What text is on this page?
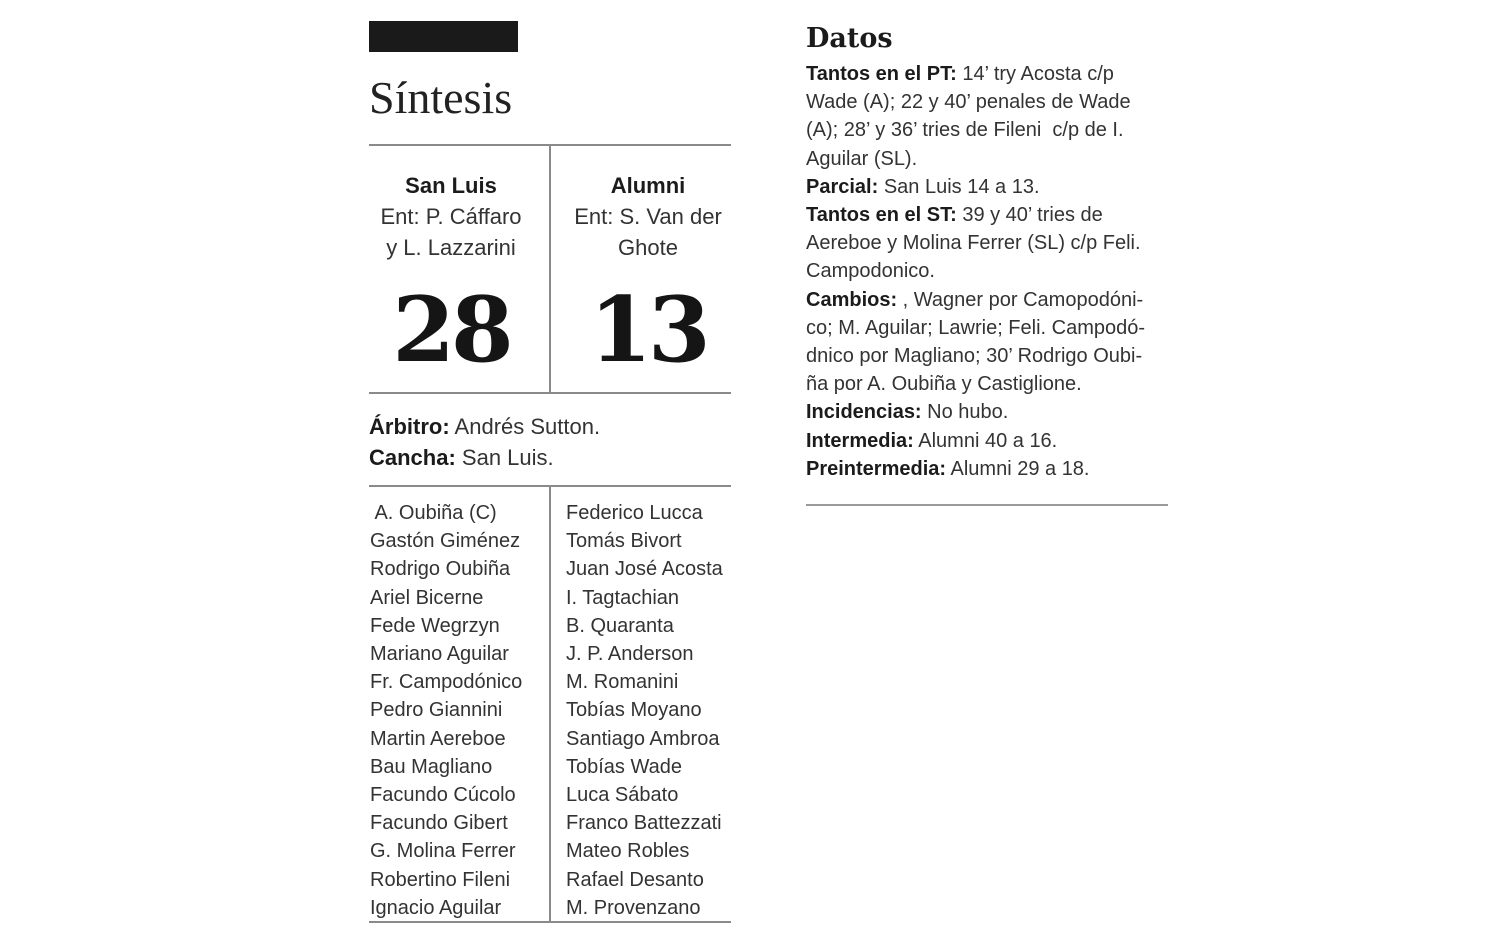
Síntesis
San Luis
Ent: P. Cáffaro
y L. Lazzarini
Alumni
Ent: S. Van der
Ghote
28 13
Árbitro: Andrés Sutton.
Cancha: San Luis.
A. Oubiña (C)
Gastón Giménez
Rodrigo Oubiña
Ariel Bicerne
Fede Wegrzyn
Mariano Aguilar
Fr. Campodónico
Pedro Giannini
Martin Aereboe
Bau Magliano
Facundo Cúcolo
Facundo Gibert
G. Molina Ferrer
Robertino Fileni
Ignacio Aguilar
Federico Lucca
Tomás Bivort
Juan José Acosta
I. Tagtachian
B. Quaranta
J. P. Anderson
M. Romanini
Tobías Moyano
Santiago Ambroa
Tobías Wade
Luca Sábato
Franco Battezzati
Mateo Robles
Rafael Desanto
M. Provenzano
Datos

Tantos en el PT: 14’ try Acosta c/p

Wade (A); 22 y 40’ penales de Wade

(A); 28’ y 36’ tries de Fileni  c/p de I.

Aguilar (SL).

Parcial: San Luis 14 a 13.

Tantos en el ST: 39 y 40’ tries de

Aereboe y Molina Ferrer (SL) c/p Feli.

Campodonico.

Cambios: , Wagner por Camopodóni-

co; M. Aguilar; Lawrie; Feli. Campodó-

dnico por Magliano; 30’ Rodrigo Oubi-

ña por A. Oubiña y Castiglione.

Incidencias: No hubo.

Intermedia: Alumni 40 a 16.

Preintermedia: Alumni 29 a 18.
